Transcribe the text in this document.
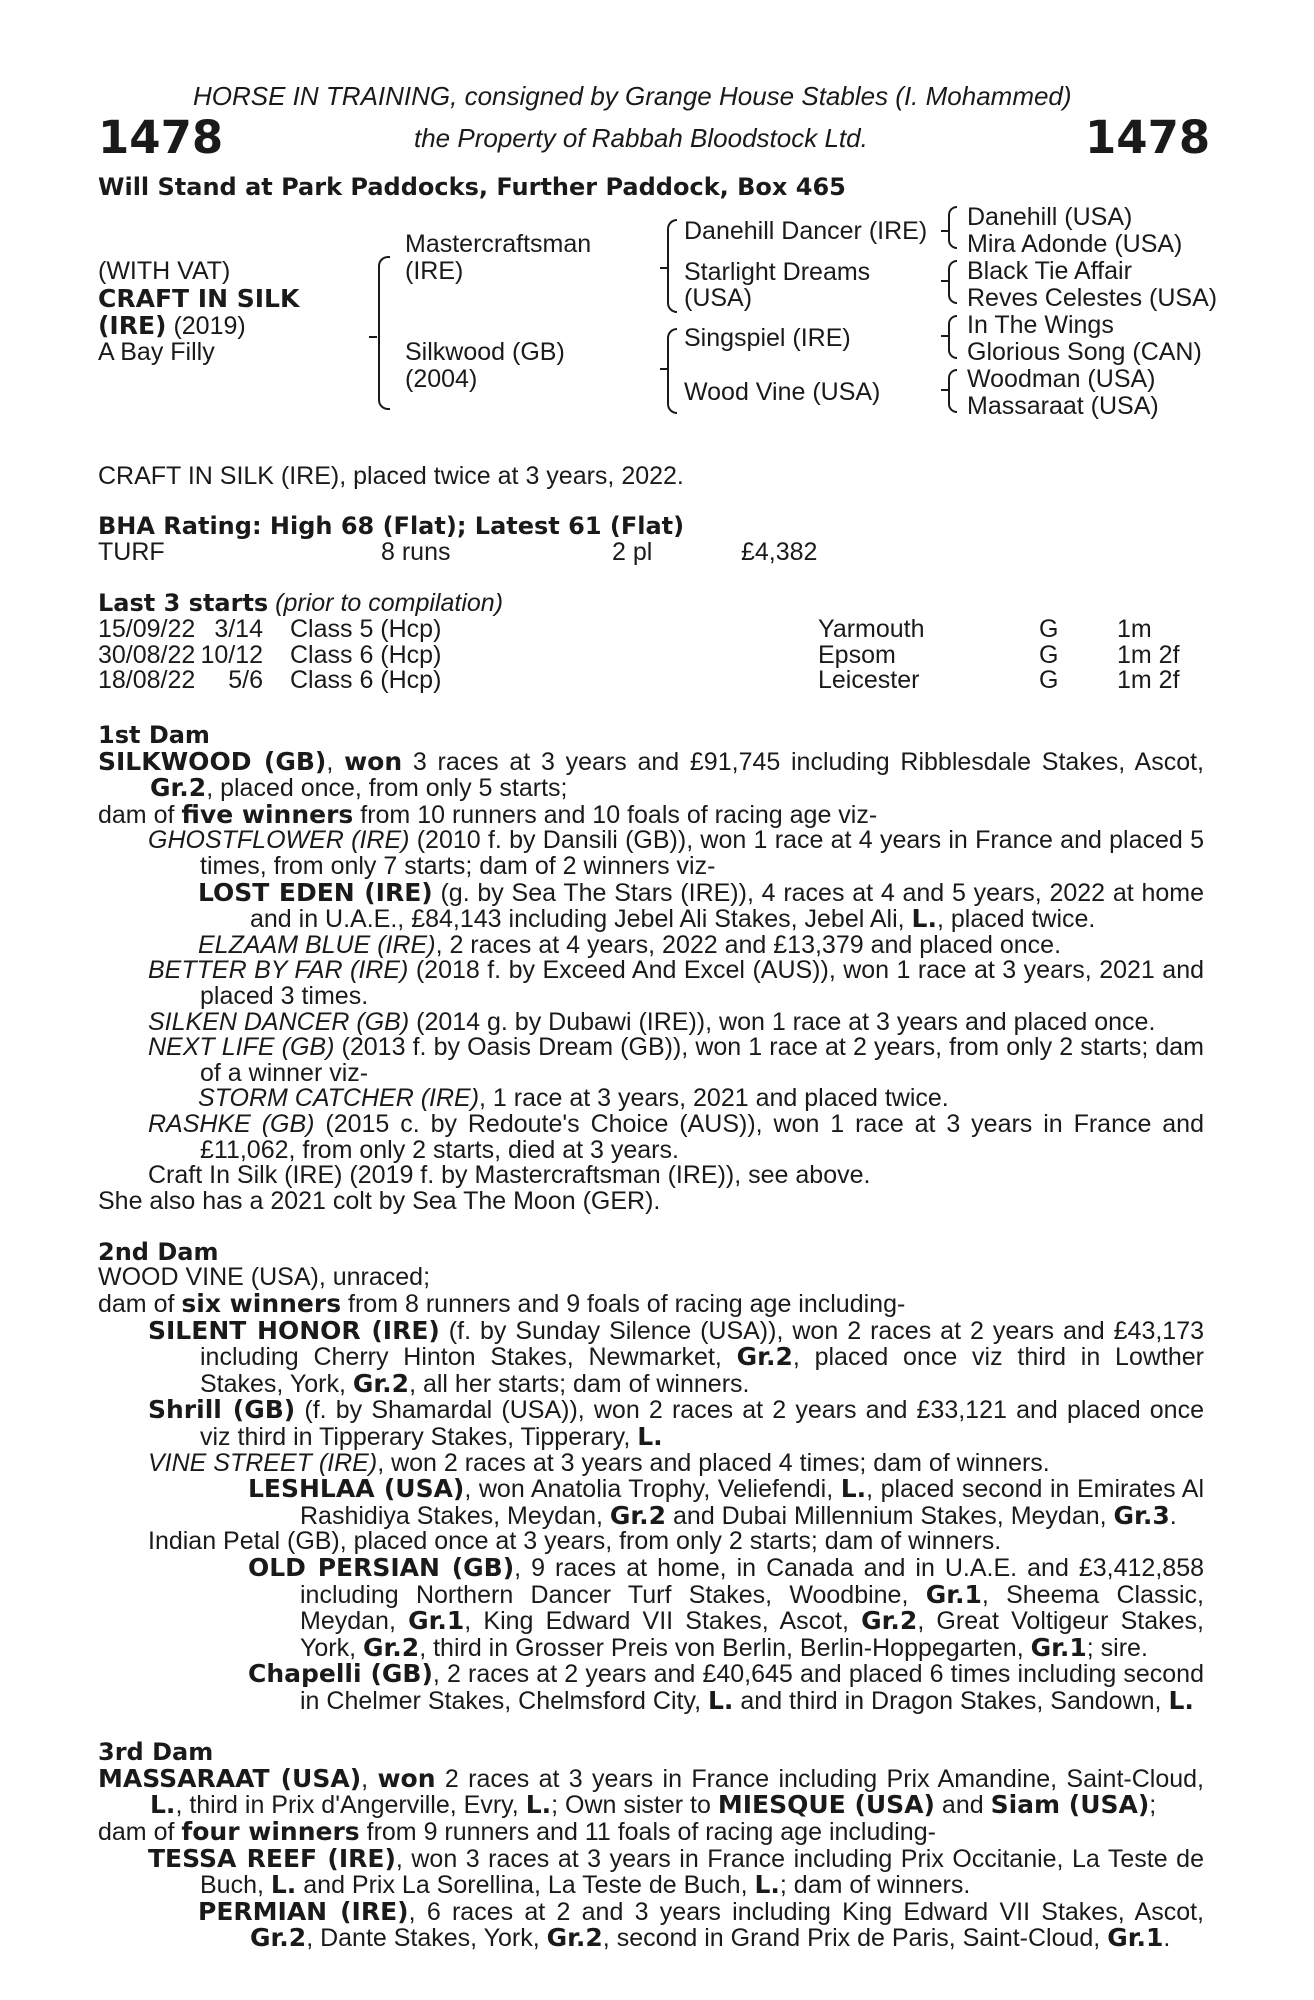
HORSE IN TRAINING, consigned by Grange House Stables (I. Mohammed)
1478	the Property of Rabbah Bloodstock Ltd.	1478
Will Stand at Park Paddocks, Further Paddock, Box 465
(WITH VAT)
CRAFT IN SILK
(IRE) (2019)
A Bay Filly
Mastercraftsman
(IRE)
Silkwood (GB)
(2004)
Danehill Dancer (IRE)
Starlight Dreams
(USA)
Singspiel (IRE)
Wood Vine (USA)
Danehill (USA)
Mira Adonde (USA)
Black Tie Affair
Reves Celestes (USA)
In The Wings
Glorious Song (CAN)
Woodman (USA)
Massaraat (USA)
CRAFT IN SILK (IRE), placed twice at 3 years, 2022.
BHA Rating: High 68 (Flat); Latest 61 (Flat)
TURF	8 runs	2 pl	£4,382
Last 3 starts (prior to compilation)
15/09/22 3/14 Class 5 (Hcp)	Yarmouth	G 1m
30/08/22 10/12 Class 6 (Hcp)	Epsom	G 1m 2f
18/08/22	5/6 Class 6 (Hcp)	Leicester	G 1m 2f

1st Dam

SILKWOOD (GB), won 3 races at 3 years and £91,745 including Ribblesdale Stakes, Ascot, Gr.2, placed once, from only 5 starts;

dam of five winners from 10 runners and 10 foals of racing age viz-

GHOSTFLOWER (IRE) (2010 f. by Dansili (GB)), won 1 race at 4 years in France and placed 5 times, from only 7 starts; dam of 2 winners viz-

LOST EDEN (IRE) (g. by Sea The Stars (IRE)), 4 races at 4 and 5 years, 2022 at home and in U.A.E., £84,143 including Jebel Ali Stakes, Jebel Ali, L., placed twice.

ELZAAM BLUE (IRE), 2 races at 4 years, 2022 and £13,379 and placed once.

BETTER BY FAR (IRE) (2018 f. by Exceed And Excel (AUS)), won 1 race at 3 years, 2021 and placed 3 times.

SILKEN DANCER (GB) (2014 g. by Dubawi (IRE)), won 1 race at 3 years and placed once.

NEXT LIFE (GB) (2013 f. by Oasis Dream (GB)), won 1 race at 2 years, from only 2 starts; dam of a winner viz-

STORM CATCHER (IRE), 1 race at 3 years, 2021 and placed twice.

RASHKE (GB) (2015 c. by Redoute's Choice (AUS)), won 1 race at 3 years in France and £11,062, from only 2 starts, died at 3 years.

Craft In Silk (IRE) (2019 f. by Mastercraftsman (IRE)), see above.

She also has a 2021 colt by Sea The Moon (GER).

2nd Dam

WOOD VINE (USA), unraced;

dam of six winners from 8 runners and 9 foals of racing age including-

SILENT HONOR (IRE) (f. by Sunday Silence (USA)), won 2 races at 2 years and £43,173 including Cherry Hinton Stakes, Newmarket, Gr.2, placed once viz third in Lowther Stakes, York, Gr.2, all her starts; dam of winners.

Shrill (GB) (f. by Shamardal (USA)), won 2 races at 2 years and £33,121 and placed once viz third in Tipperary Stakes, Tipperary, L.

VINE STREET (IRE), won 2 races at 3 years and placed 4 times; dam of winners.

LESHLAA (USA), won Anatolia Trophy, Veliefendi, L., placed second in Emirates Al Rashidiya Stakes, Meydan, Gr.2 and Dubai Millennium Stakes, Meydan, Gr.3.

Indian Petal (GB), placed once at 3 years, from only 2 starts; dam of winners.

OLD PERSIAN (GB), 9 races at home, in Canada and in U.A.E. and £3,412,858 including Northern Dancer Turf Stakes, Woodbine, Gr.1, Sheema Classic, Meydan, Gr.1, King Edward VII Stakes, Ascot, Gr.2, Great Voltigeur Stakes, York, Gr.2, third in Grosser Preis von Berlin, Berlin-Hoppegarten, Gr.1; sire.

Chapelli (GB), 2 races at 2 years and £40,645 and placed 6 times including second in Chelmer Stakes, Chelmsford City, L. and third in Dragon Stakes, Sandown, L.

3rd Dam

MASSARAAT (USA), won 2 races at 3 years in France including Prix Amandine, Saint-Cloud, L., third in Prix d'Angerville, Evry, L.; Own sister to MIESQUE (USA) and Siam (USA);

dam of four winners from 9 runners and 11 foals of racing age including-

TESSA REEF (IRE), won 3 races at 3 years in France including Prix Occitanie, La Teste de Buch, L. and Prix La Sorellina, La Teste de Buch, L.; dam of winners.

PERMIAN (IRE), 6 races at 2 and 3 years including King Edward VII Stakes, Ascot, Gr.2, Dante Stakes, York, Gr.2, second in Grand Prix de Paris, Saint-Cloud, Gr.1.
